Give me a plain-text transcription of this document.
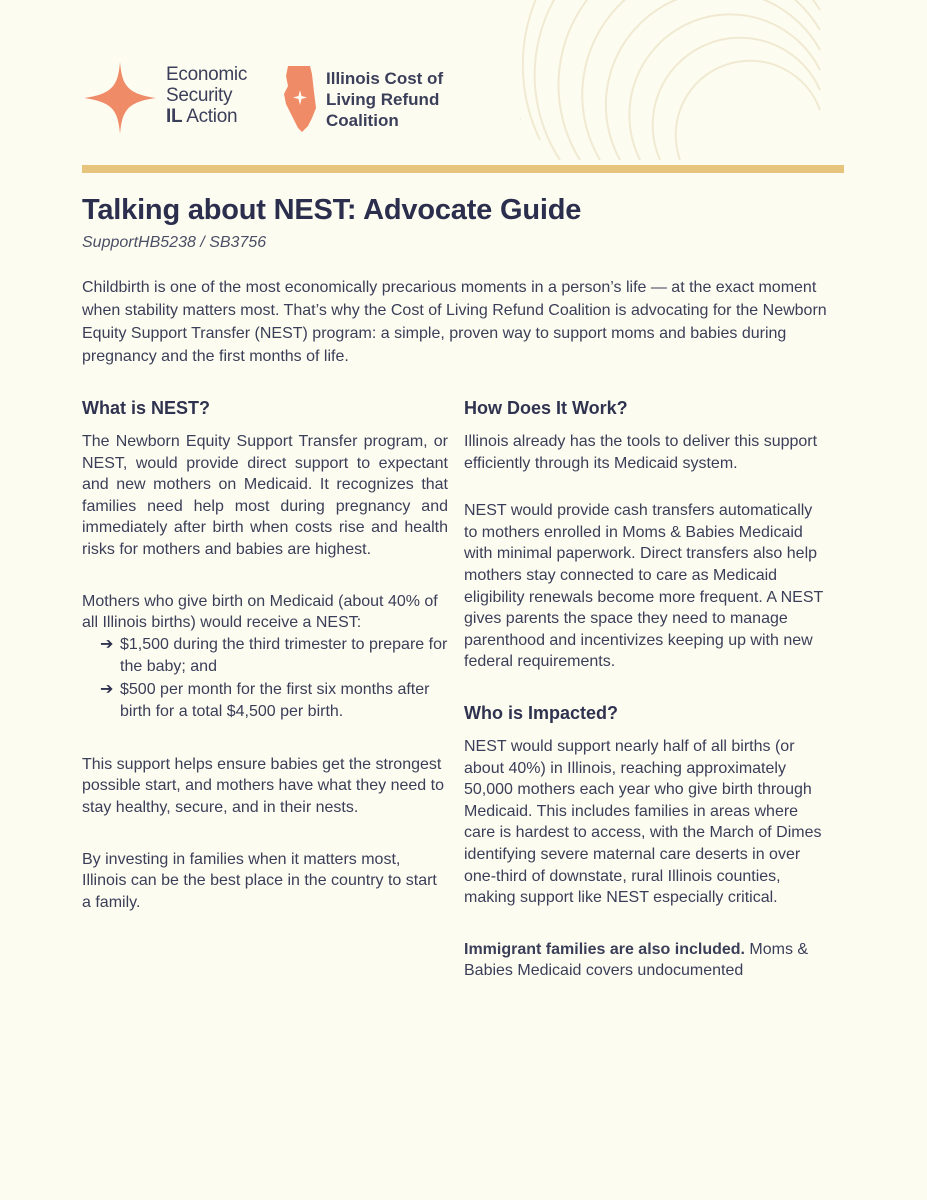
Economic
Security
IL Action
Illinois Cost of
Living Refund
Coalition
Talking about NEST: Advocate Guide
SupportHB5238 / SB3756

Childbirth is one of the most economically precarious moments in a person’s life — at the exact moment when stability matters most. That’s why the Cost of Living Refund Coalition is advocating for the Newborn Equity Support Transfer (NEST) program: a simple, proven way to support moms and babies during pregnancy and the first months of life.

What is NEST?

The Newborn Equity Support Transfer program, or NEST, would provide direct support to expectant and new mothers on Medicaid. It recognizes that families need help most during pregnancy and immediately after birth when costs rise and health risks for mothers and babies are highest.

Mothers who give birth on Medicaid (about 40% of all Illinois births) would receive a NEST:

➔ $1,500 during the third trimester to prepare for the baby; and
➔ $500 per month for the first six months after birth for a total $4,500 per birth.

This support helps ensure babies get the strongest possible start, and mothers have what they need to stay healthy, secure, and in their nests.

By investing in families when it matters most, Illinois can be the best place in the country to start a family.

How Does It Work?

Illinois already has the tools to deliver this support efficiently through its Medicaid system.

NEST would provide cash transfers automatically to mothers enrolled in Moms & Babies Medicaid with minimal paperwork. Direct transfers also help mothers stay connected to care as Medicaid eligibility renewals become more frequent. A NEST gives parents the space they need to manage parenthood and incentivizes keeping up with new federal requirements.

Who is Impacted?

NEST would support nearly half of all births (or about 40%) in Illinois, reaching approximately 50,000 mothers each year who give birth through Medicaid. This includes families in areas where care is hardest to access, with the March of Dimes identifying severe maternal care deserts in over one-third of downstate, rural Illinois counties, making support like NEST especially critical.

Immigrant families are also included. Moms & Babies Medicaid covers undocumented
